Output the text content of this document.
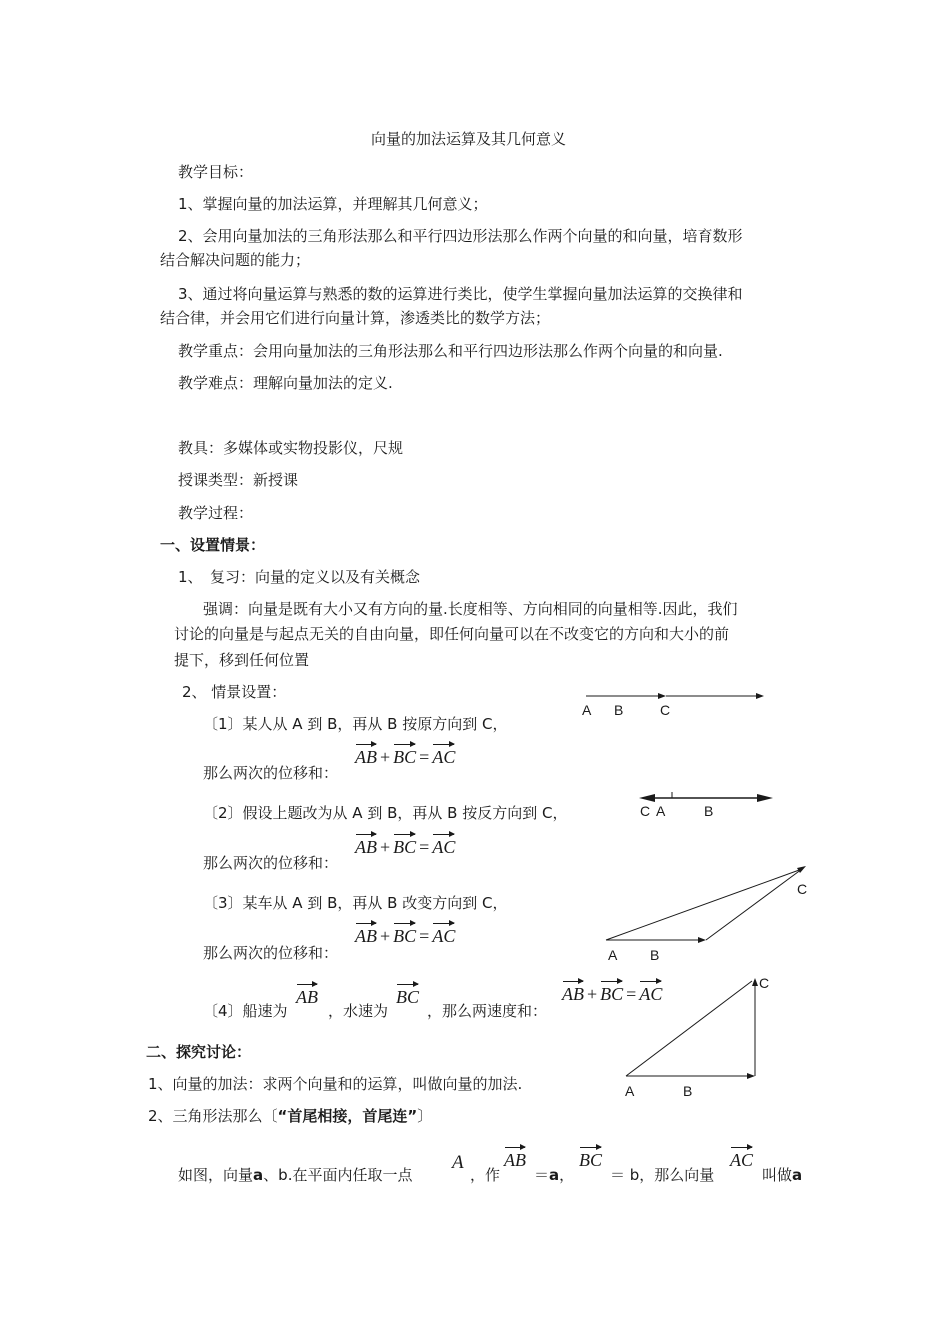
向量的加法运算及其几何意义
教学目标：
1、掌握向量的加法运算，并理解其几何意义；
2、会用向量加法的三角形法那么和平行四边形法那么作两个向量的和向量，培育数形
结合解决问题的能力；
3、通过将向量运算与熟悉的数的运算进行类比，使学生掌握向量加法运算的交换律和
结合律，并会用它们进行向量计算，渗透类比的数学方法；
教学重点：会用向量加法的三角形法那么和平行四边形法那么作两个向量的和向量.
教学难点：理解向量加法的定义.
教具：多媒体或实物投影仪，尺规
授课类型：新授课
教学过程：
一、设置情景：
1、　复习：向量的定义以及有关概念
强调：向量是既有大小又有方向的量.长度相等、方向相同的向量相等.因此，我们
讨论的向量是与起点无关的自由向量，即任何向量可以在不改变它的方向和大小的前
提下，移到任何位置
2、 情景设置：
〔1〕某人从 A 到 B，再从 B 按原方向到 C，
那么两次的位移和：
AB + BC = AC
〔2〕假设上题改为从 A 到 B，再从 B 按反方向到 C，
那么两次的位移和：
AB + BC = AC
〔3〕某车从 A 到 B，再从 B 改变方向到 C，
那么两次的位移和：
AB + BC = AC
〔4〕船速为
AB
，水速为
BC
，那么两速度和：
AB + BC = AC
二、探究讨论：
1、向量的加法：求两个向量和的运算，叫做向量的加法.
2、三角形法那么〔“首尾相接，首尾连”〕
如图，向量a、b.在平面内任取一点
A
，作
AB
＝a，
BC
＝ b，那么向量
AC
叫做a
A B	C
C A	B
A B
C
A	B
C
